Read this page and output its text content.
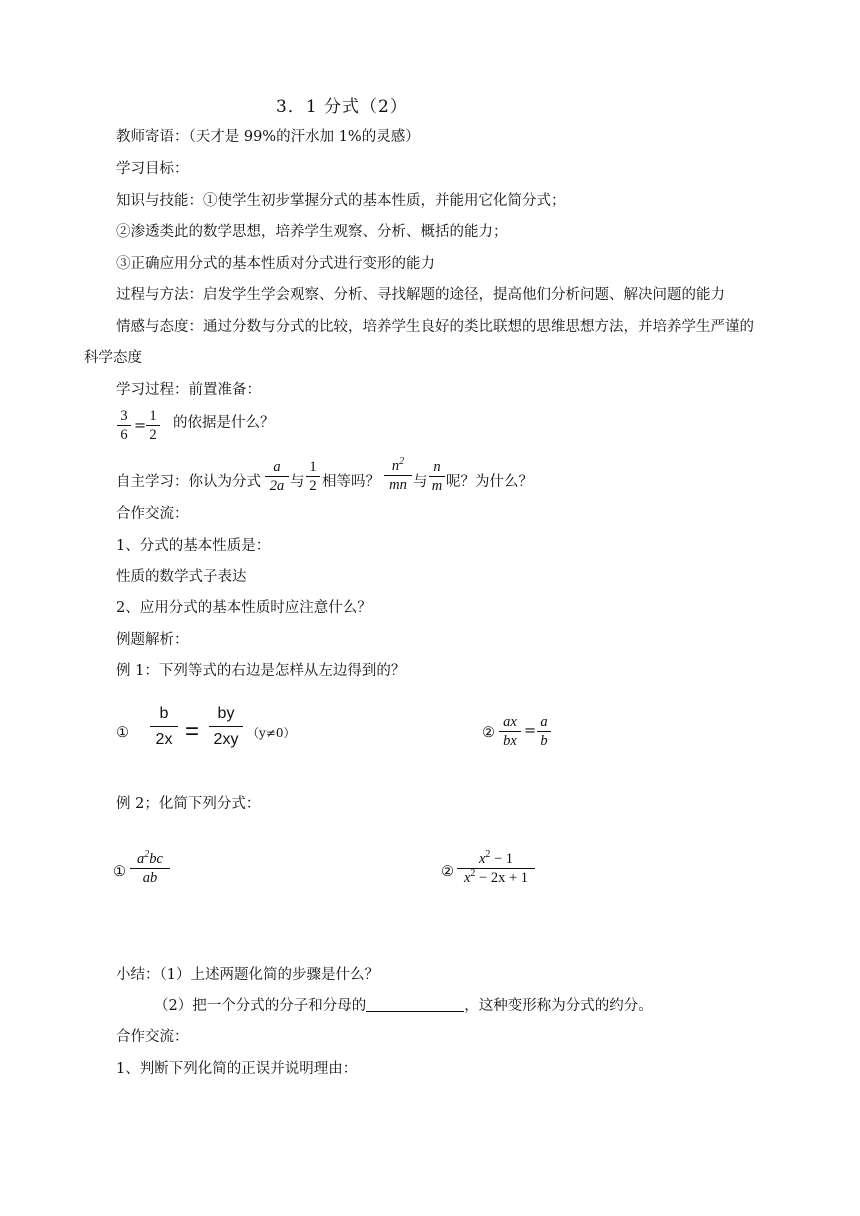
3．1 分式（2）
教师寄语：（天才是 99%的汗水加 1%的灵感）
学习目标：
知识与技能：①使学生初步掌握分式的基本性质，并能用它化简分式；
②渗透类此的数学思想，培养学生观察、分析、概括的能力；
③正确应用分式的基本性质对分式进行变形的能力
过程与方法：启发学生学会观察、分析、寻找解题的途径，提高他们分析问题、解决问题的能力
情感与态度：通过分数与分式的比较，培养学生良好的类比联想的思维思想方法，并培养学生严谨的
科学态度
学习过程：前置准备：
3
6
=
1
2
的依据是什么？
自主学习：你认为分式
a
2a 与
1
2 相等吗？
$n^2$
mn 与
n
m 呢？为什么？
合作交流：
1、分式的基本性质是：
性质的数学式子表达
2、应用分式的基本性质时应注意什么？
例题解析：
例 1：下列等式的右边是怎样从左边得到的？
①
b
2x =
by
2xy （y≠0）	②
ax
bx
=
a
b
例 2；化简下列分式：
①
$a^2bc$
ab	②
$x^2 - 1$
$x^2 - 2x + 1$
小结：（1）上述两题化简的步骤是什么？
（2）把一个分式的分子和分母的	，这种变形称为分式的约分。
合作交流：
1、判断下列化简的正误并说明理由：
